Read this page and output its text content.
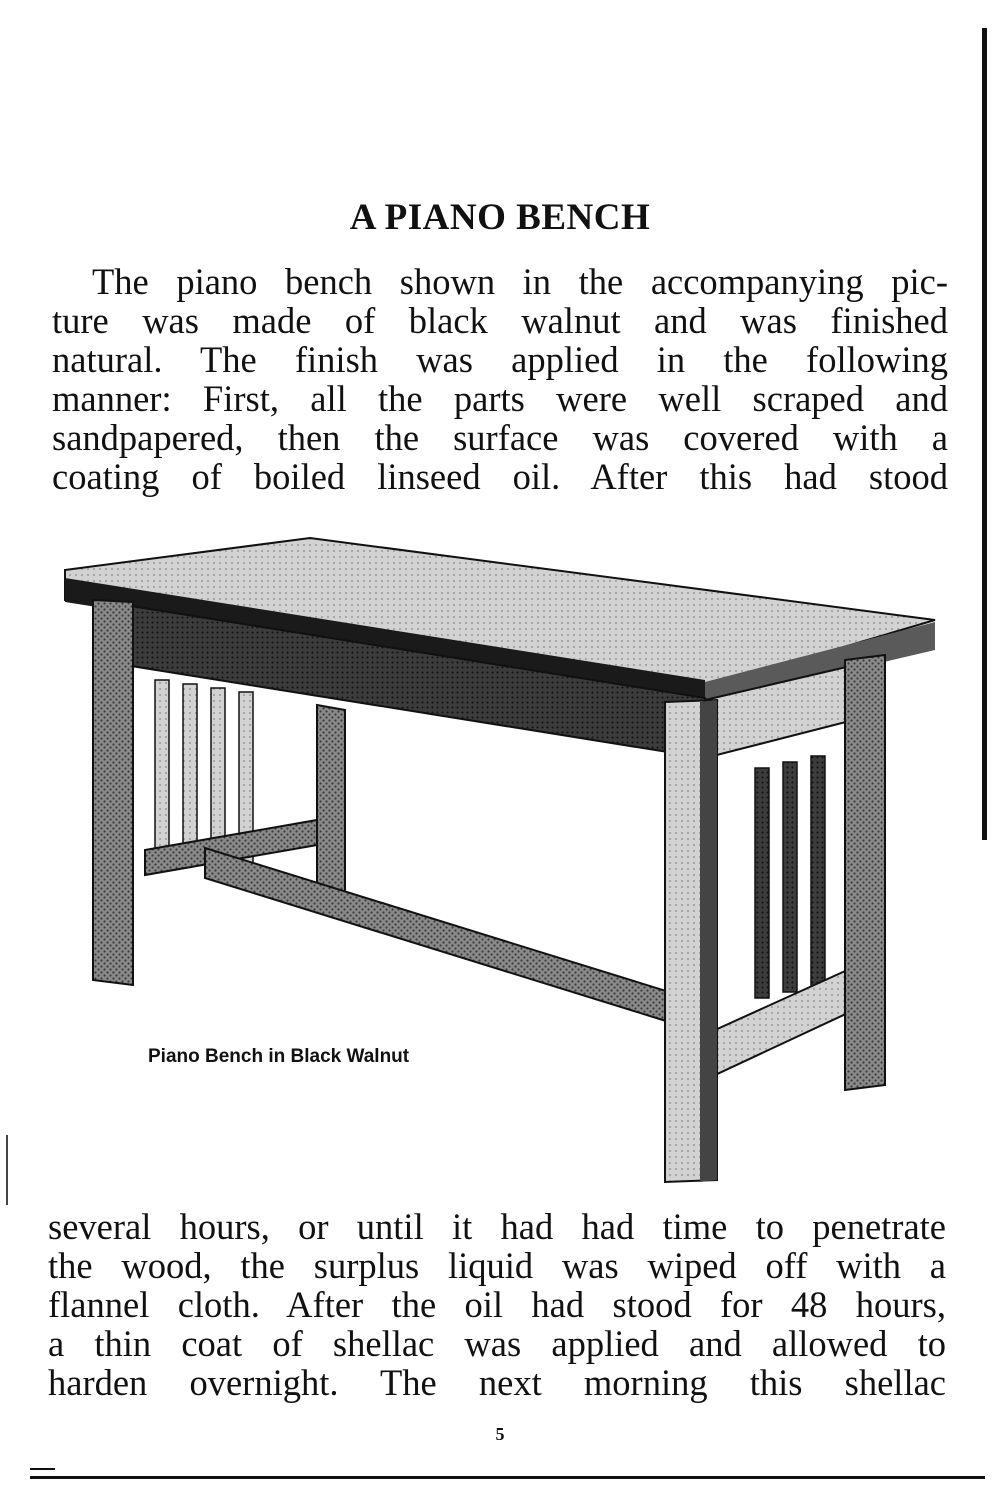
A PIANO BENCH
The piano bench shown in the accompanying pic-
ture was made of black walnut and was finished
natural. The finish was applied in the following
manner: First, all the parts were well scraped and
sandpapered, then the surface was covered with a
coating of boiled linseed oil. After this had stood

Piano Bench in Black Walnut

several hours, or until it had had time to penetrate
the wood, the surplus liquid was wiped off with a
flannel cloth. After the oil had stood for 48 hours,
a thin coat of shellac was applied and allowed to
harden overnight. The next morning this shellac
5
